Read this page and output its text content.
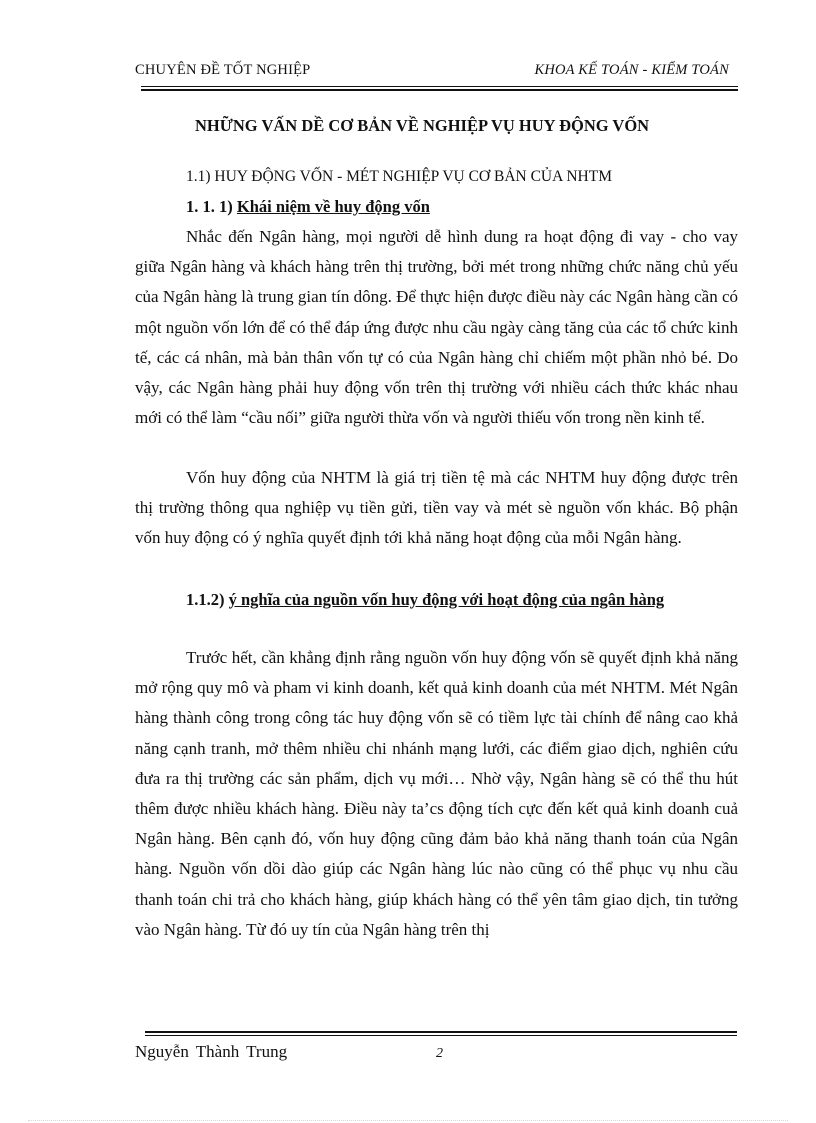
CHUYÊN ĐỀ TỐT NGHIỆP	KHOA KẾ TOÁN - KIỂM TOÁN
NHỮNG VẤN DỀ CƠ BẢN VỀ NGHIỆP VỤ HUY ĐỘNG VỐN
1.1) HUY ĐỘNG VỐN - MÉT NGHIỆP VỤ CƠ BẢN CỦA NHTM
1. 1. 1) Khái niệm về huy động vốn
Nhắc đến Ngân hàng, mọi người dễ hình dung ra hoạt động đi vay - cho vay giữa Ngân hàng và khách hàng trên thị trường, bởi mét trong những chức năng chủ yếu của Ngân hàng là trung gian tín dông. Để thực hiện được điều này các Ngân hàng cần có một nguồn vốn lớn để có thể đáp ứng được nhu cầu ngày càng tăng của các tổ chức kinh tế, các cá nhân, mà bản thân vốn tự có của Ngân hàng chỉ chiếm một phần nhỏ bé. Do vậy, các Ngân hàng phải huy động vốn trên thị trường với nhiều cách thức khác nhau mới có thể làm “cầu nối” giữa người thừa vốn và người thiếu vốn trong nền kinh tế.
Vốn huy động của NHTM là giá trị tiền tệ mà các NHTM huy động được trên thị trường thông qua nghiệp vụ tiền gửi, tiền vay và mét sè nguồn vốn khác. Bộ phận vốn huy động có ý nghĩa quyết định tới khả năng hoạt động của mỗi Ngân hàng.
1.1.2) ý nghĩa của nguồn vốn huy động với hoạt động của ngân hàng
Trước hết, cần khẳng định rằng nguồn vốn huy động vốn sẽ quyết định khả năng mở rộng quy mô và pham vi kinh doanh, kết quả kinh doanh của mét NHTM. Mét Ngân hàng thành công trong công tác huy động vốn sẽ có tiềm lực tài chính để nâng cao khả năng cạnh tranh, mở thêm nhiều chi nhánh mạng lưới, các điểm giao dịch, nghiên cứu đưa ra thị trường các sản phẩm, dịch vụ mới… Nhờ vậy, Ngân hàng sẽ có thể thu hút thêm được nhiều khách hàng. Điều này ta’cs động tích cực đến kết quả kinh doanh cuả Ngân hàng. Bên cạnh đó, vốn huy động cũng đảm bảo khả năng thanh toán của Ngân hàng. Nguồn vốn dồi dào giúp các Ngân hàng lúc nào cũng có thể phục vụ nhu cầu thanh toán chi trả cho khách hàng, giúp khách hàng có thể yên tâm giao dịch, tin tưởng vào Ngân hàng. Từ đó uy tín của Ngân hàng trên thị
Nguyễn Thành Trung	2
